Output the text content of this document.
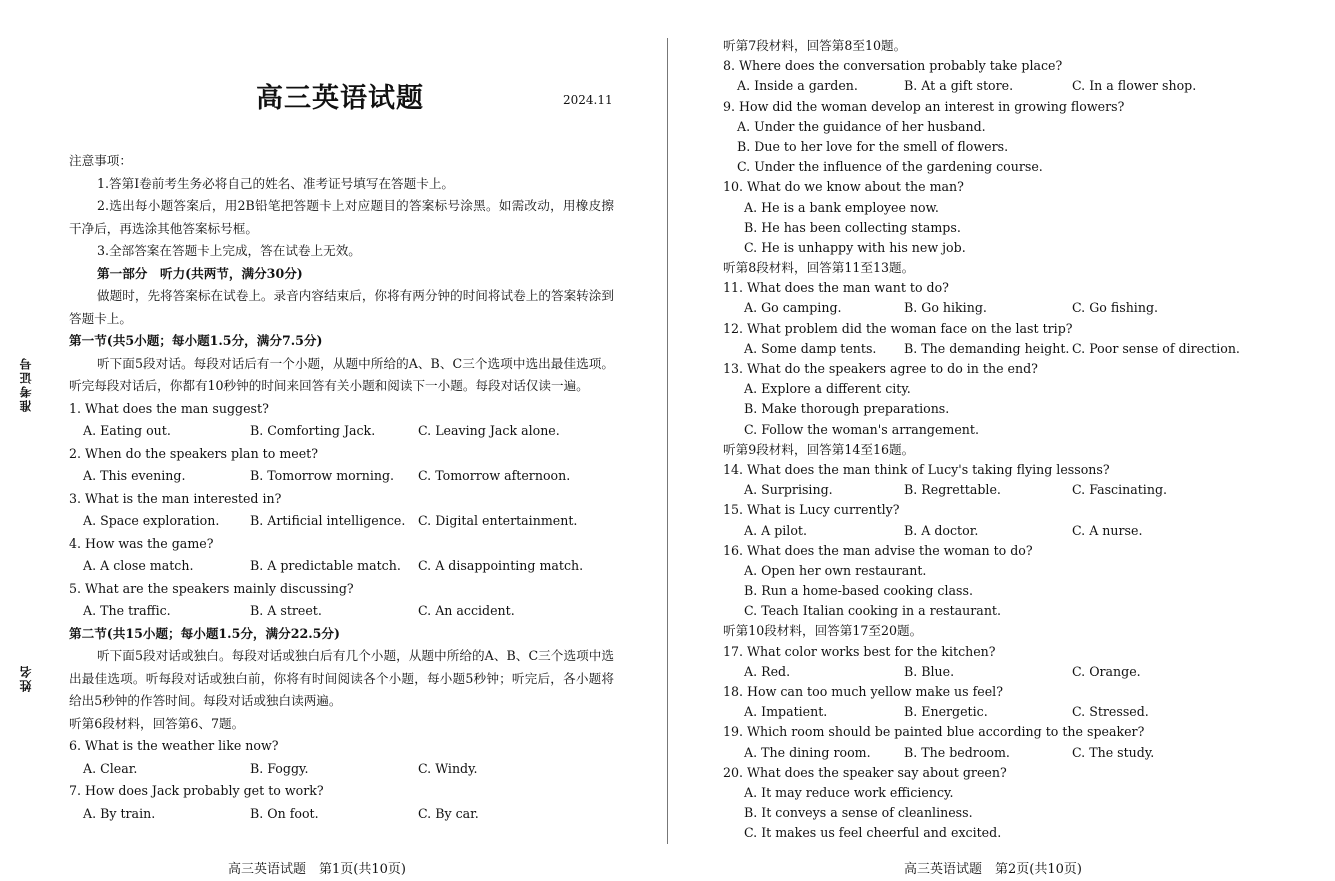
准考证号
姓名
高三英语试题	2024.11
注意事项：
1.答第Ⅰ卷前考生务必将自己的姓名、准考证号填写在答题卡上。
2.选出每小题答案后，用2B铅笔把答题卡上对应题目的答案标号涂黑。如需改动，用橡皮擦干净后，再选涂其他答案标号框。
3.全部答案在答题卡上完成，答在试卷上无效。
第一部分　听力(共两节，满分30分)
做题时，先将答案标在试卷上。录音内容结束后，你将有两分钟的时间将试卷上的答案转涂到答题卡上。
第一节(共5小题；每小题1.5分，满分7.5分)
听下面5段对话。每段对话后有一个小题，从题中所给的A、B、C三个选项中选出最佳选项。听完每段对话后，你都有10秒钟的时间来回答有关小题和阅读下一小题。每段对话仅读一遍。
1. What does the man suggest?
A. Eating out.	B. Comforting Jack.	C. Leaving Jack alone.
2. When do the speakers plan to meet?
A. This evening.	B. Tomorrow morning.	C. Tomorrow afternoon.
3. What is the man interested in?
A. Space exploration.	B. Artificial intelligence.	C. Digital entertainment.
4. How was the game?
A. A close match.	B. A predictable match.	C. A disappointing match.
5. What are the speakers mainly discussing?
A. The traffic.	B. A street.	C. An accident.
第二节(共15小题；每小题1.5分，满分22.5分)
听下面5段对话或独白。每段对话或独白后有几个小题，从题中所给的A、B、C三个选项中选出最佳选项。听每段对话或独白前，你将有时间阅读各个小题，每小题5秒钟；听完后，各小题将给出5秒钟的作答时间。每段对话或独白读两遍。
听第6段材料，回答第6、7题。
6. What is the weather like now?
A. Clear.	B. Foggy.	C. Windy.
7. How does Jack probably get to work?
A. By train.	B. On foot.	C. By car.
听第7段材料，回答第8至10题。
8. Where does the conversation probably take place?
A. Inside a garden.	B. At a gift store.	C. In a flower shop.
9. How did the woman develop an interest in growing flowers?
A. Under the guidance of her husband.
B. Due to her love for the smell of flowers.
C. Under the influence of the gardening course.
10. What do we know about the man?
A. He is a bank employee now.
B. He has been collecting stamps.
C. He is unhappy with his new job.
听第8段材料，回答第11至13题。
11. What does the man want to do?
A. Go camping.	B. Go hiking.	C. Go fishing.
12. What problem did the woman face on the last trip?
A. Some damp tents.	B. The demanding height. C. Poor sense of direction.
13. What do the speakers agree to do in the end?
A. Explore a different city.
B. Make thorough preparations.
C. Follow the woman's arrangement.
听第9段材料，回答第14至16题。
14. What does the man think of Lucy's taking flying lessons?
A. Surprising.	B. Regrettable.	C. Fascinating.
15. What is Lucy currently?
A. A pilot.	B. A doctor.	C. A nurse.
16. What does the man advise the woman to do?
A. Open her own restaurant.
B. Run a home-based cooking class.
C. Teach Italian cooking in a restaurant.
听第10段材料，回答第17至20题。
17. What color works best for the kitchen?
A. Red.	B. Blue.	C. Orange.
18. How can too much yellow make us feel?
A. Impatient.	B. Energetic.	C. Stressed.
19. Which room should be painted blue according to the speaker?
A. The dining room.	B. The bedroom.	C. The study.
20. What does the speaker say about green?
A. It may reduce work efficiency.
B. It conveys a sense of cleanliness.
C. It makes us feel cheerful and excited.
高三英语试题　第1页(共10页)	高三英语试题　第2页(共10页)
